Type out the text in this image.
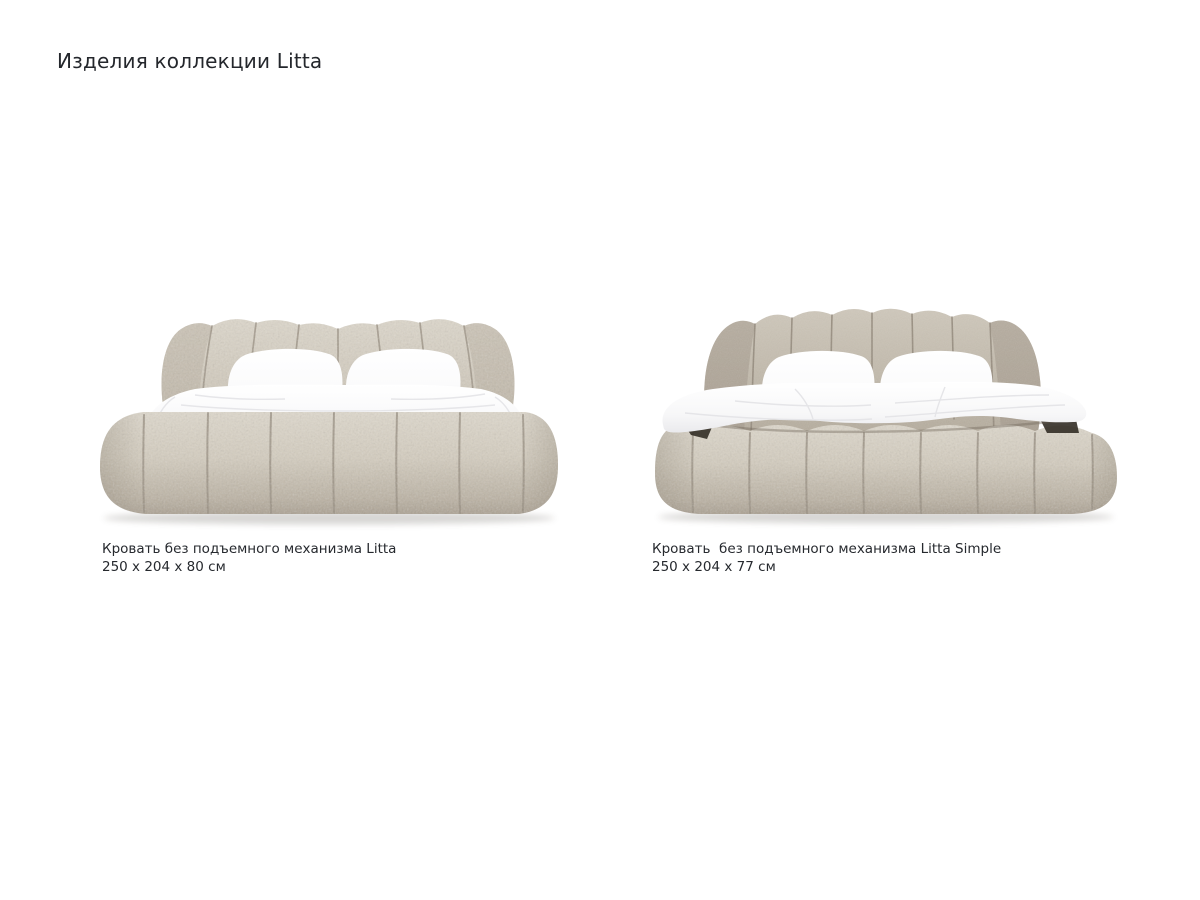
Изделия коллекции Litta
Кровать без подъемного механизма Litta
250 x 204 x 80 см
Кровать  без подъемного механизма Litta Simple
250 x 204 x 77 см
